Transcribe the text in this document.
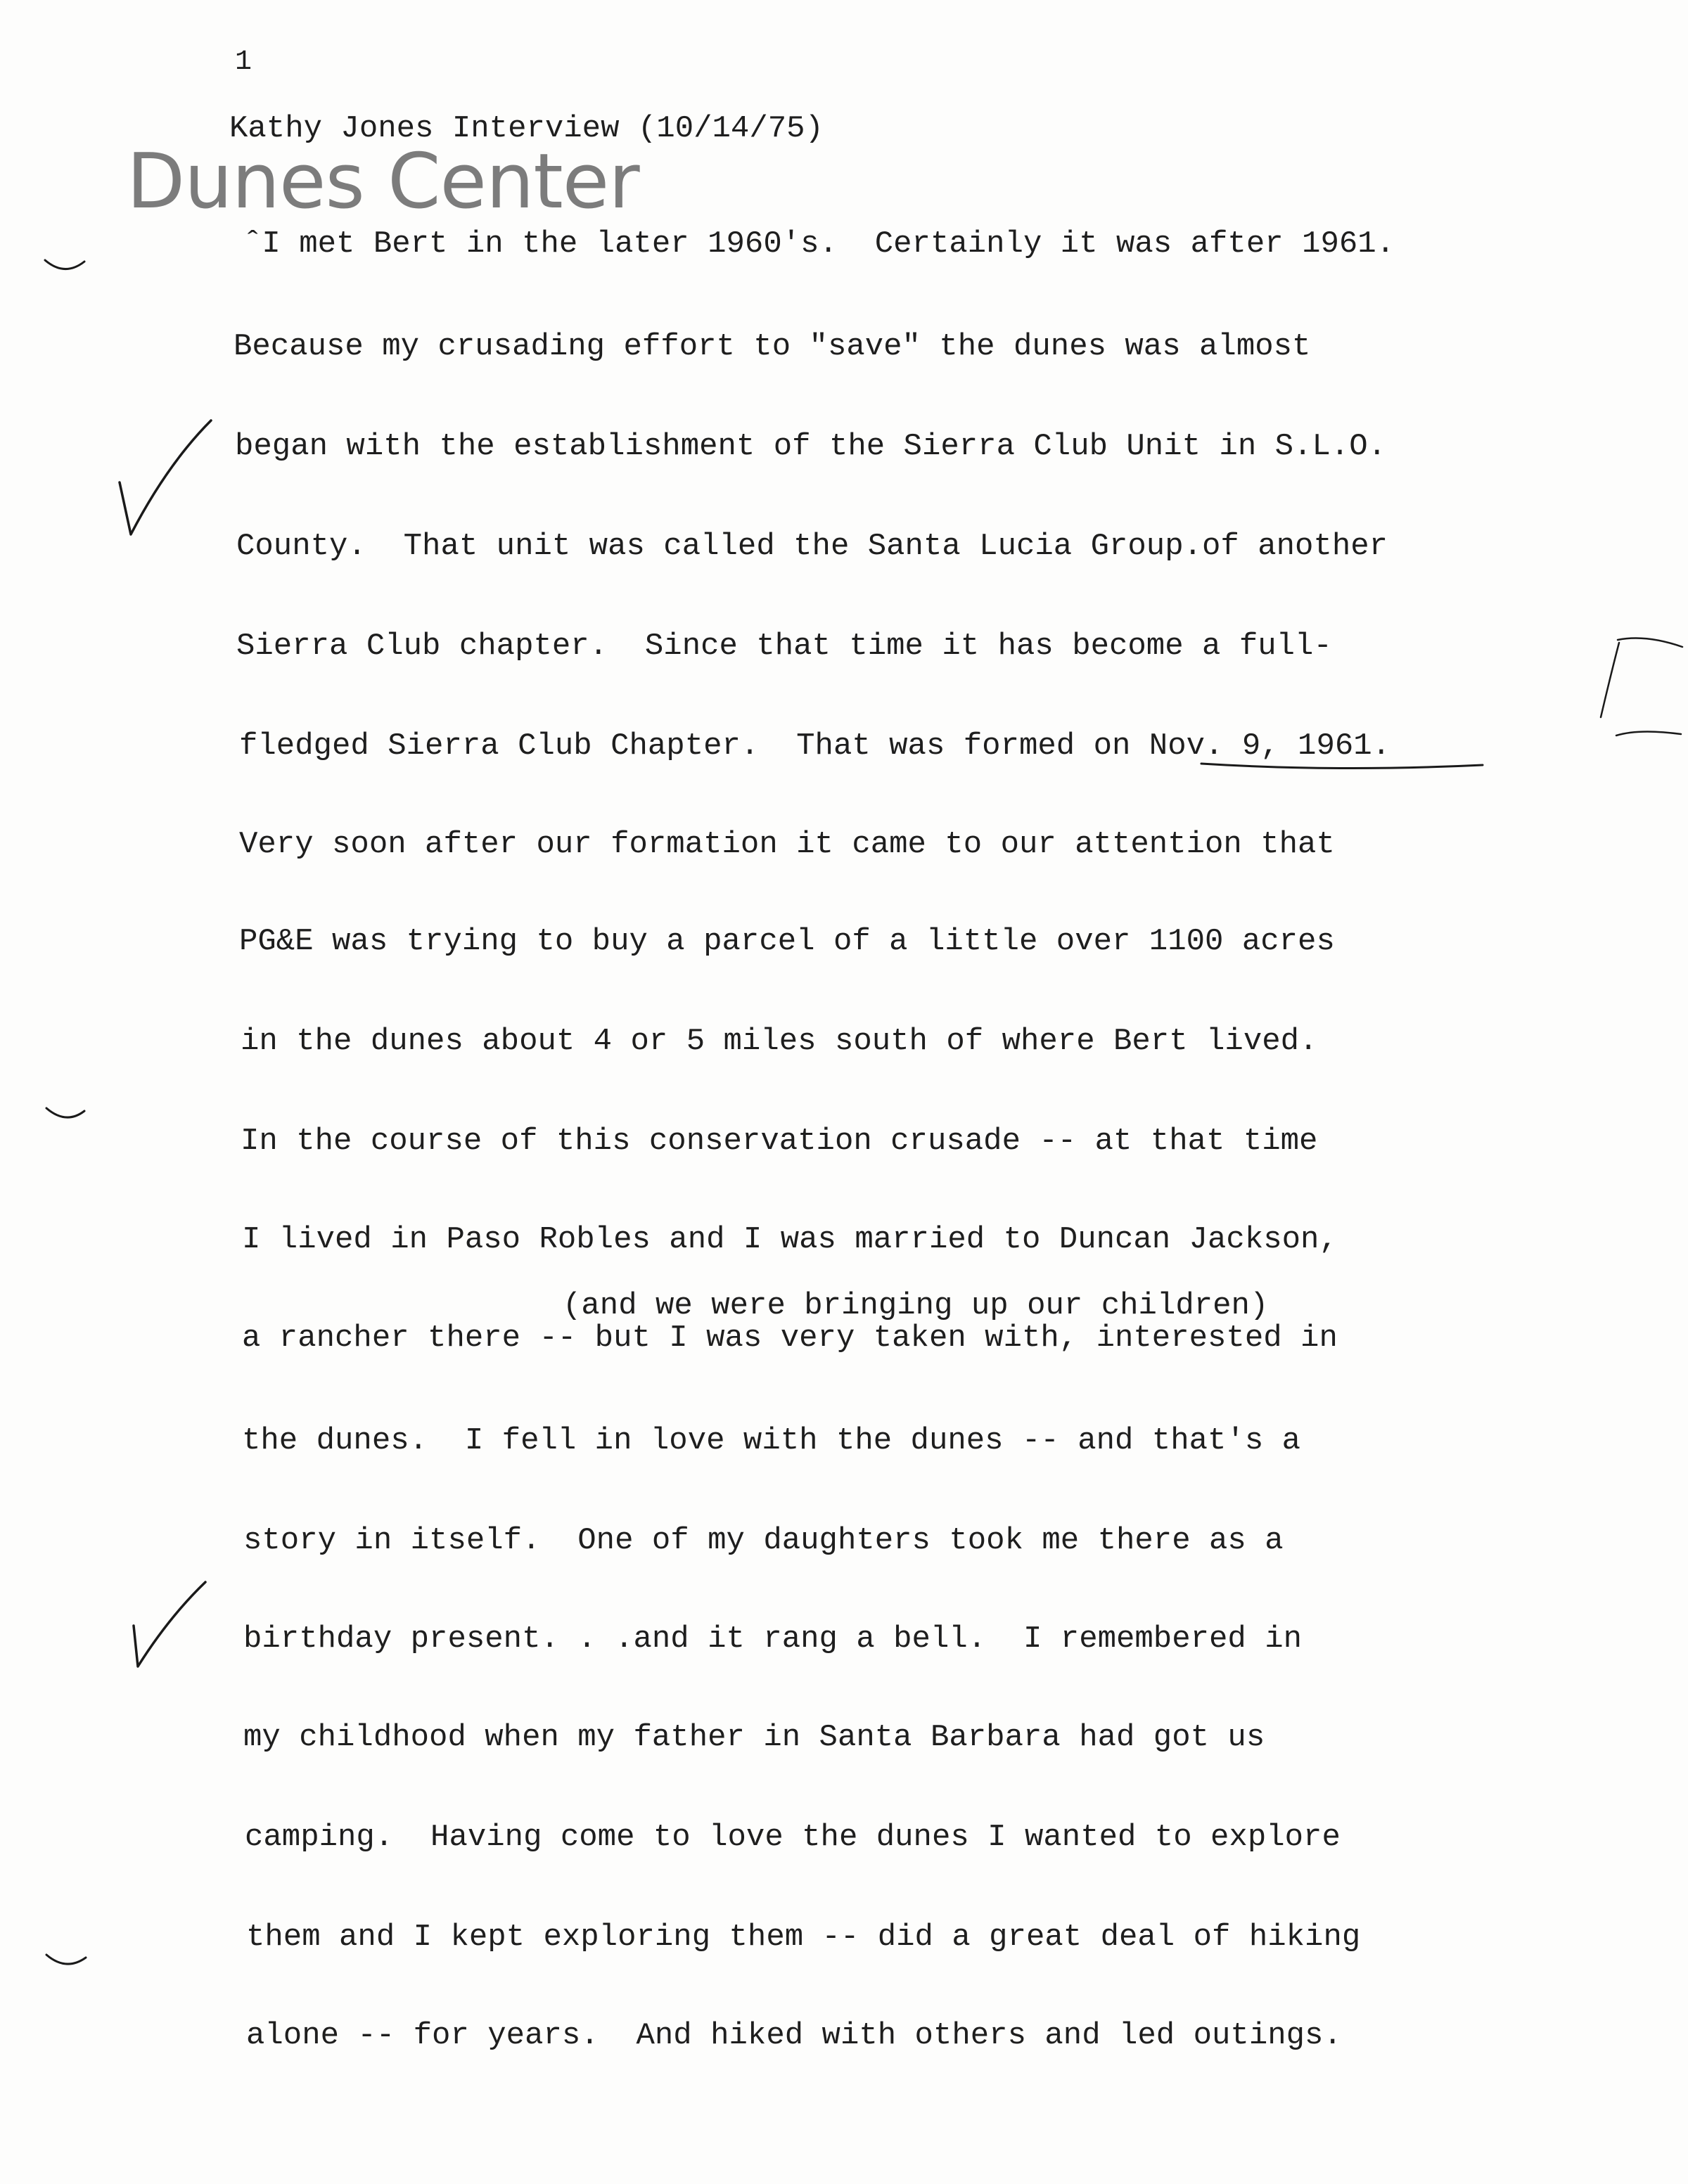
1
Kathy Jones Interview (10/14/75)
Dunes Center
ˆI met Bert in the later 1960's.  Certainly it was after 1961.
Because my crusading effort to "save" the dunes was almost
began with the establishment of the Sierra Club Unit in S.L.O.
County.  That unit was called the Santa Lucia Group.of another
Sierra Club chapter.  Since that time it has become a full-
fledged Sierra Club Chapter.  That was formed on Nov. 9, 1961.
Very soon after our formation it came to our attention that
PG&E was trying to buy a parcel of a little over 1100 acres
in the dunes about 4 or 5 miles south of where Bert lived.
In the course of this conservation crusade -- at that time
I lived in Paso Robles and I was married to Duncan Jackson,
(and we were bringing up our children)
a rancher there -- but I was very taken with, interested in
the dunes.  I fell in love with the dunes -- and that's a
story in itself.  One of my daughters took me there as a
birthday present. . .and it rang a bell.  I remembered in
my childhood when my father in Santa Barbara had got us
camping.  Having come to love the dunes I wanted to explore
them and I kept exploring them -- did a great deal of hiking
alone -- for years.  And hiked with others and led outings.
